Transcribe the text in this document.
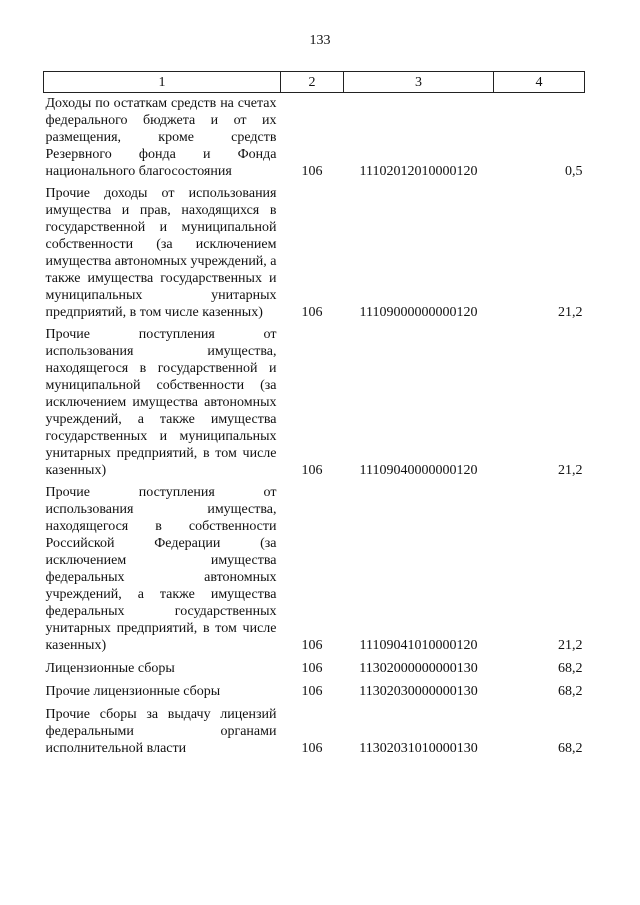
133
1	2	3	4
Доходы по остаткам средств на счетах федерального бюджета и от их размещения, кроме средств Резервного фонда и Фонда национального благосостояния	106	11102012010000120	0,5
Прочие доходы от использования имущества и прав, находящихся в государственной и муниципальной собственности (за исключением имущества автономных учреждений, а также имущества государственных и муниципальных унитарных предприятий, в том числе казенных)	106	11109000000000120	21,2
Прочие поступления от использования имущества, находящегося в государственной и муниципальной собственности (за исключением имущества автономных учреждений, а также имущества государственных и муниципальных унитарных предприятий, в том числе казенных)	106	11109040000000120	21,2
Прочие поступления от использования имущества, находящегося в собственности Российской Федерации (за исключением имущества федеральных автономных учреждений, а также имущества федеральных государственных унитарных предприятий, в том числе казенных)	106	11109041010000120	21,2
Лицензионные сборы	106	11302000000000130	68,2
Прочие лицензионные сборы	106	11302030000000130	68,2
Прочие сборы за выдачу лицензий федеральными органами исполнительной власти	106	11302031010000130	68,2
